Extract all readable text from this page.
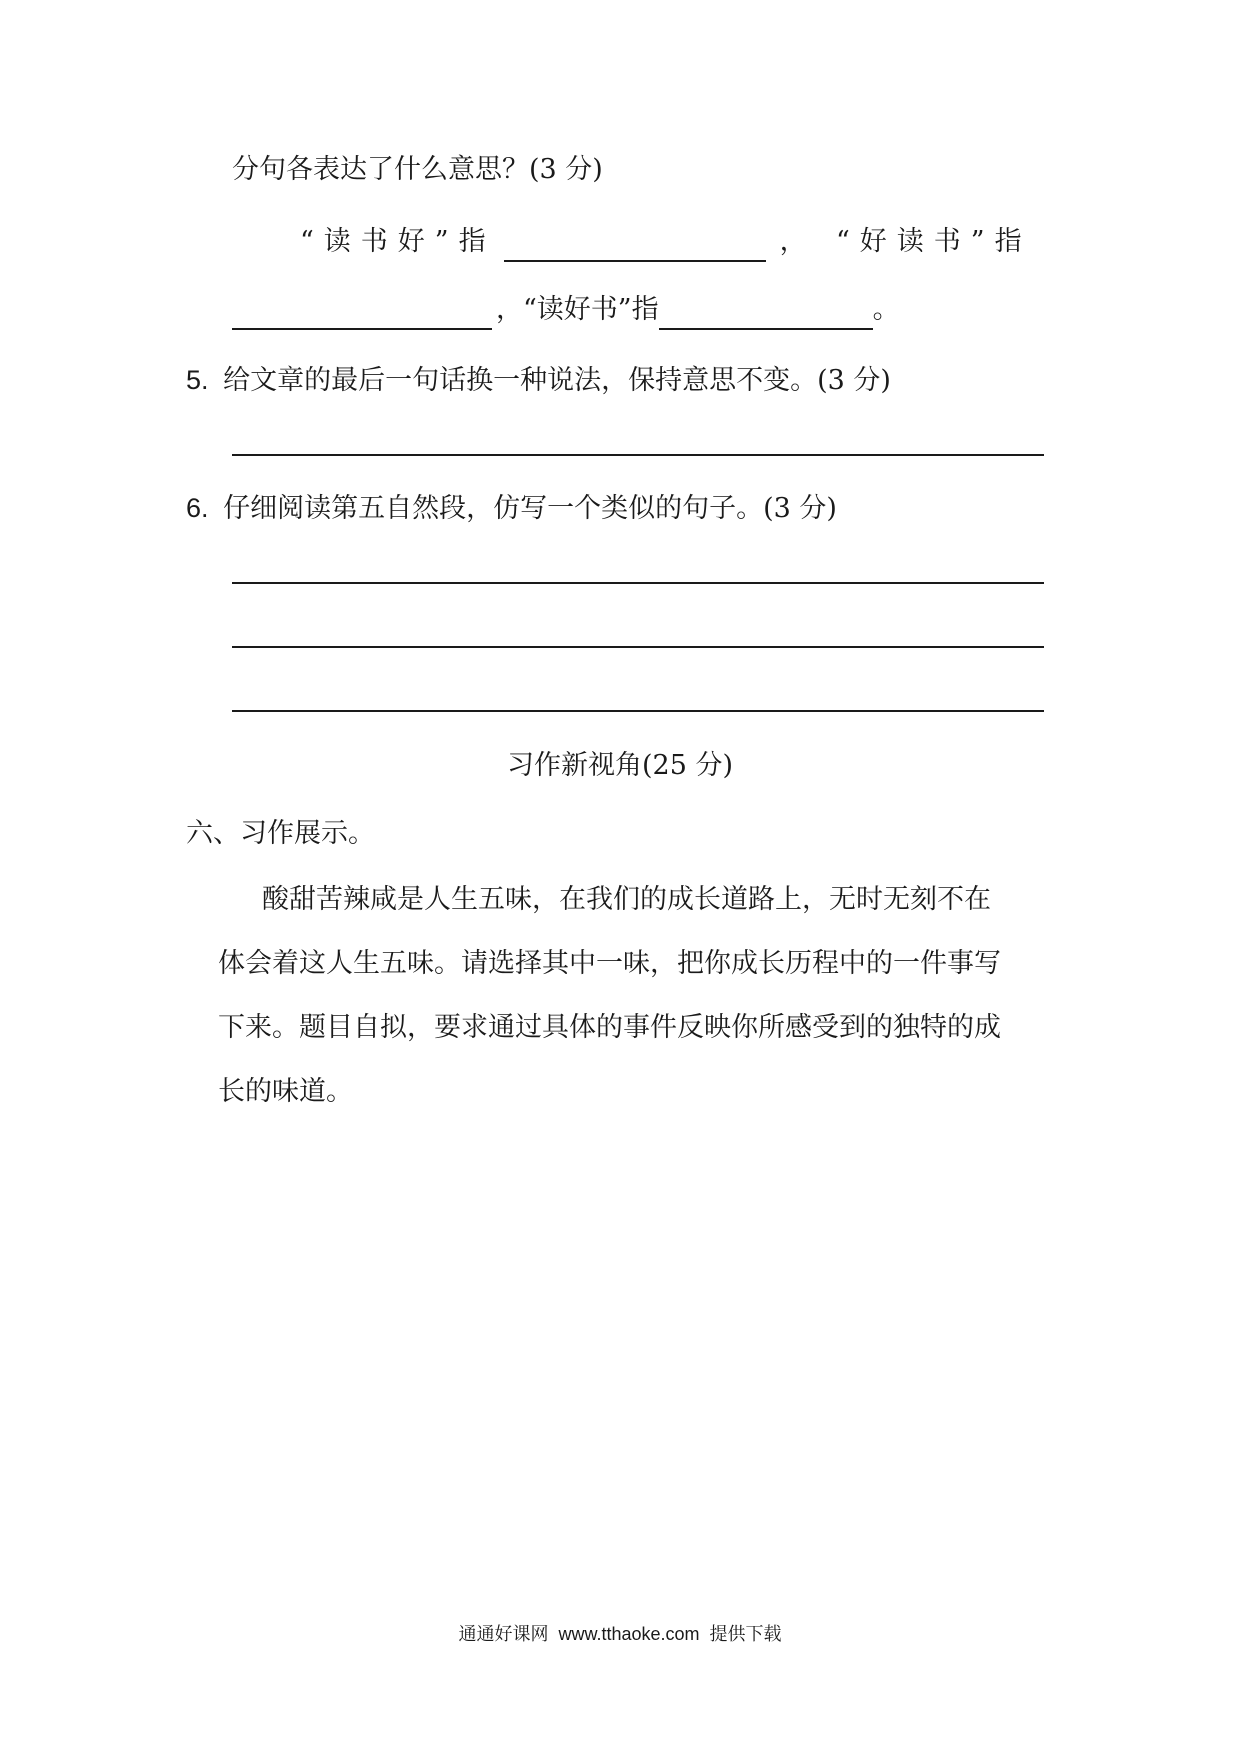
分句各表达了什么意思？(3 分)
“读书好”指	， “好读书”指
，“读好书”指	。
5. 给文章的最后一句话换一种说法，保持意思不变。(3 分)
6. 仔细阅读第五自然段，仿写一个类似的句子。(3 分)
习作新视角(25 分)
六、习作展示。
酸甜苦辣咸是人生五味，在我们的成长道路上，无时无刻不在
体会着这人生五味。请选择其中一味，把你成长历程中的一件事写
下来。题目自拟，要求通过具体的事件反映你所感受到的独特的成
长的味道。
通通好课网  www.tthaoke.com  提供下载
